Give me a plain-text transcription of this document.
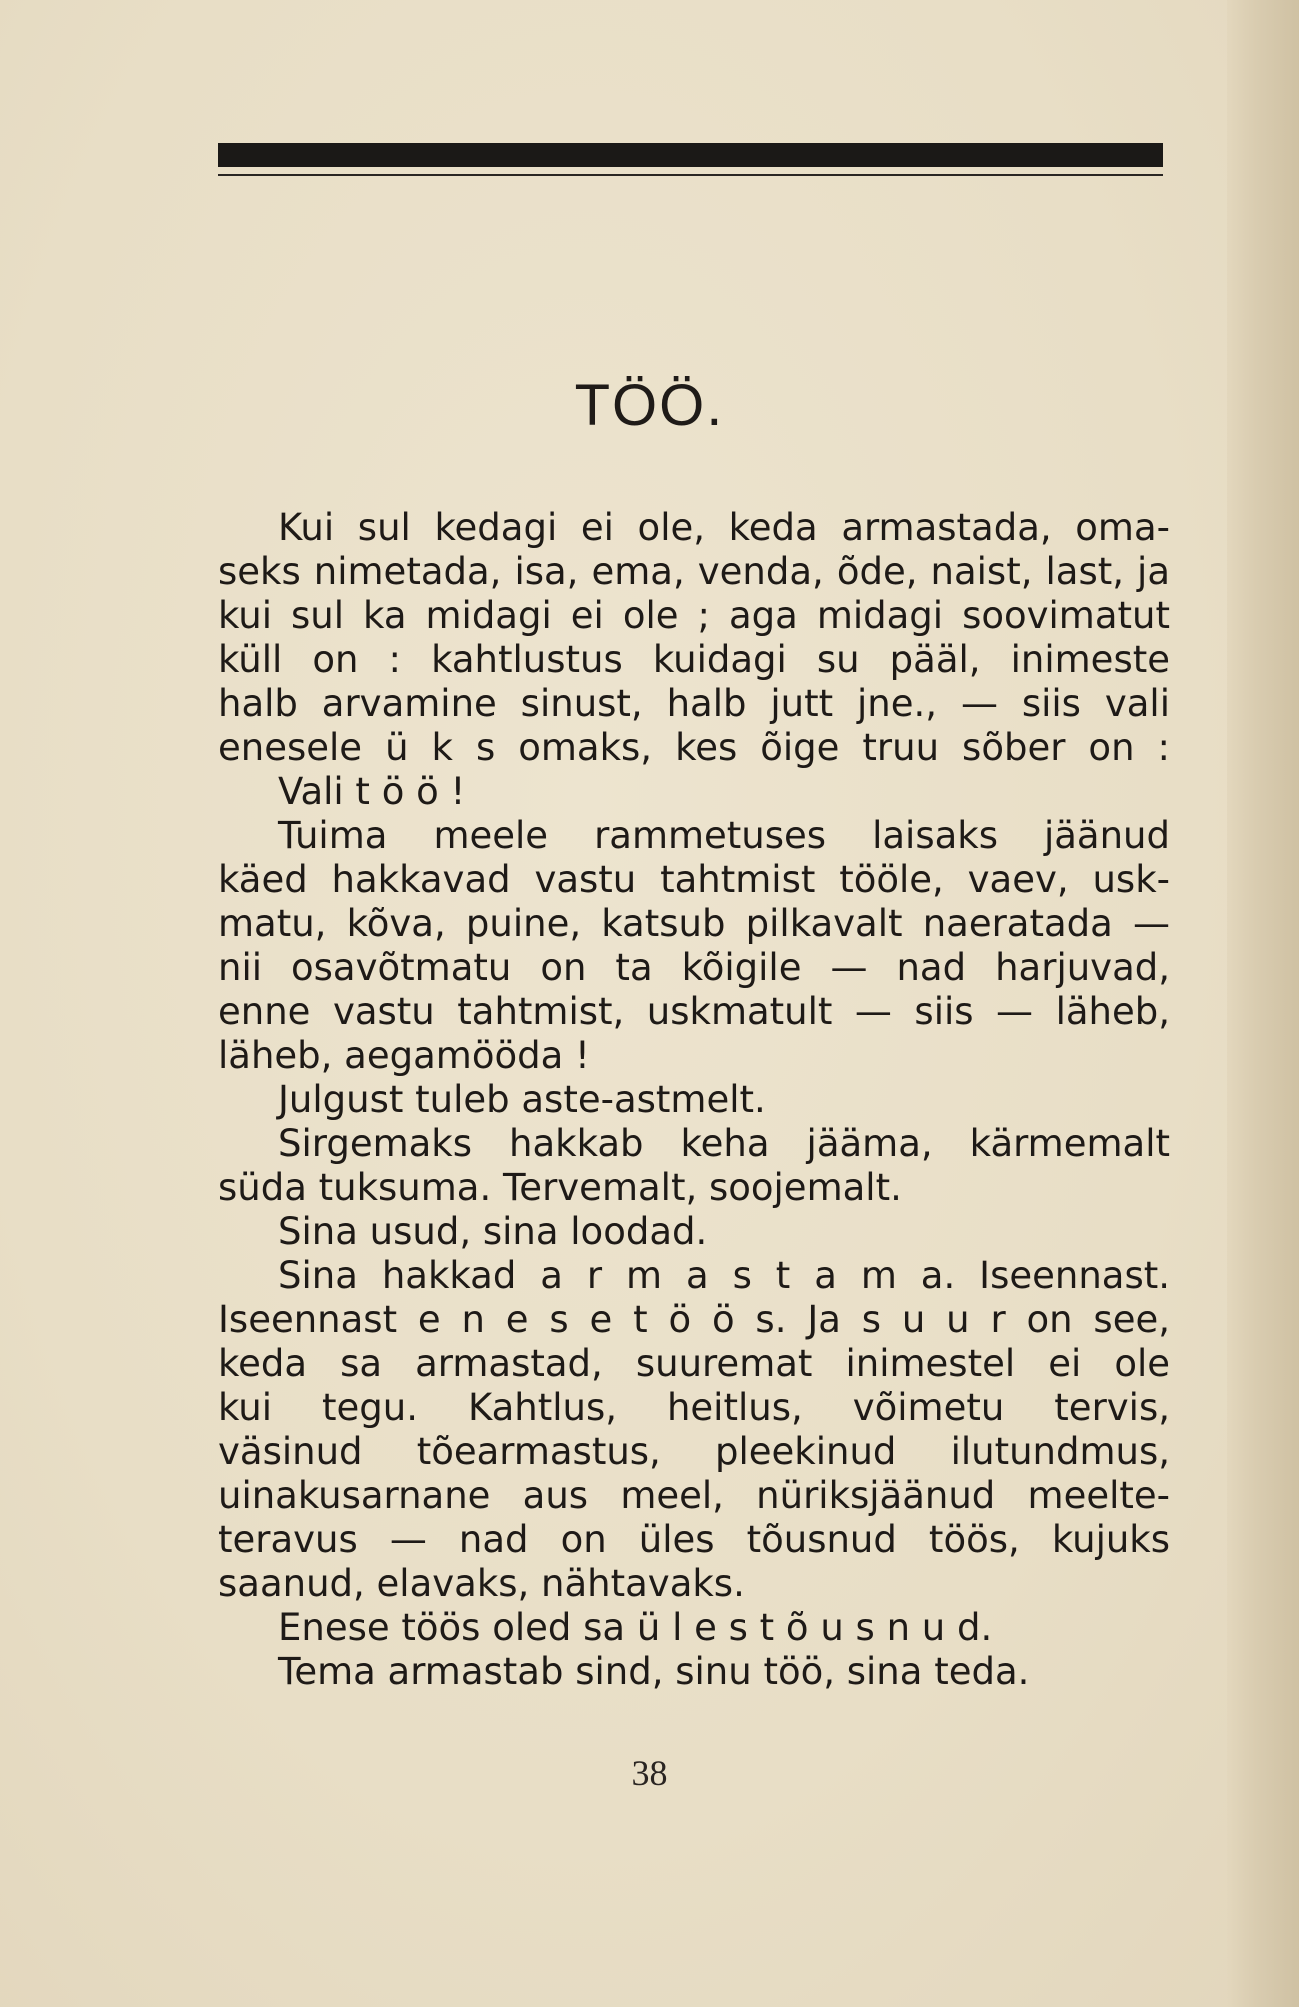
TÖÖ.
Kui sul kedagi ei ole, keda armastada, oma-
seks nimetada, isa, ema, venda, õde, naist, last, ja
kui sul ka midagi ei ole ; aga midagi soovimatut
küll on : kahtlustus kuidagi su pääl, inimeste
halb arvamine sinust, halb jutt jne., — siis vali
enesele ü k s omaks, kes õige truu sõber on :
Vali t ö ö !
Tuima meele rammetuses laisaks jäänud
käed hakkavad vastu tahtmist tööle, vaev, usk-
matu, kõva, puine, katsub pilkavalt naeratada —
nii osavõtmatu on ta kõigile — nad harjuvad,
enne vastu tahtmist, uskmatult — siis — läheb,
läheb, aegamööda !
Julgust tuleb aste-astmelt.
Sirgemaks hakkab keha jääma, kärmemalt
süda tuksuma. Tervemalt, soojemalt.
Sina usud, sina loodad.
Sina hakkad a r m a s t a m a. Iseennast.
Iseennast e n e s e t ö ö s. Ja s u u r on see,
keda sa armastad, suuremat inimestel ei ole
kui tegu. Kahtlus, heitlus, võimetu tervis,
väsinud tõearmastus, pleekinud ilutundmus,
uinakusarnane aus meel, nüriksjäänud meelte-
teravus — nad on üles tõusnud töös, kujuks
saanud, elavaks, nähtavaks.
Enese töös oled sa ü l e s t õ u s n u d.
Tema armastab sind, sinu töö, sina teda.
38
